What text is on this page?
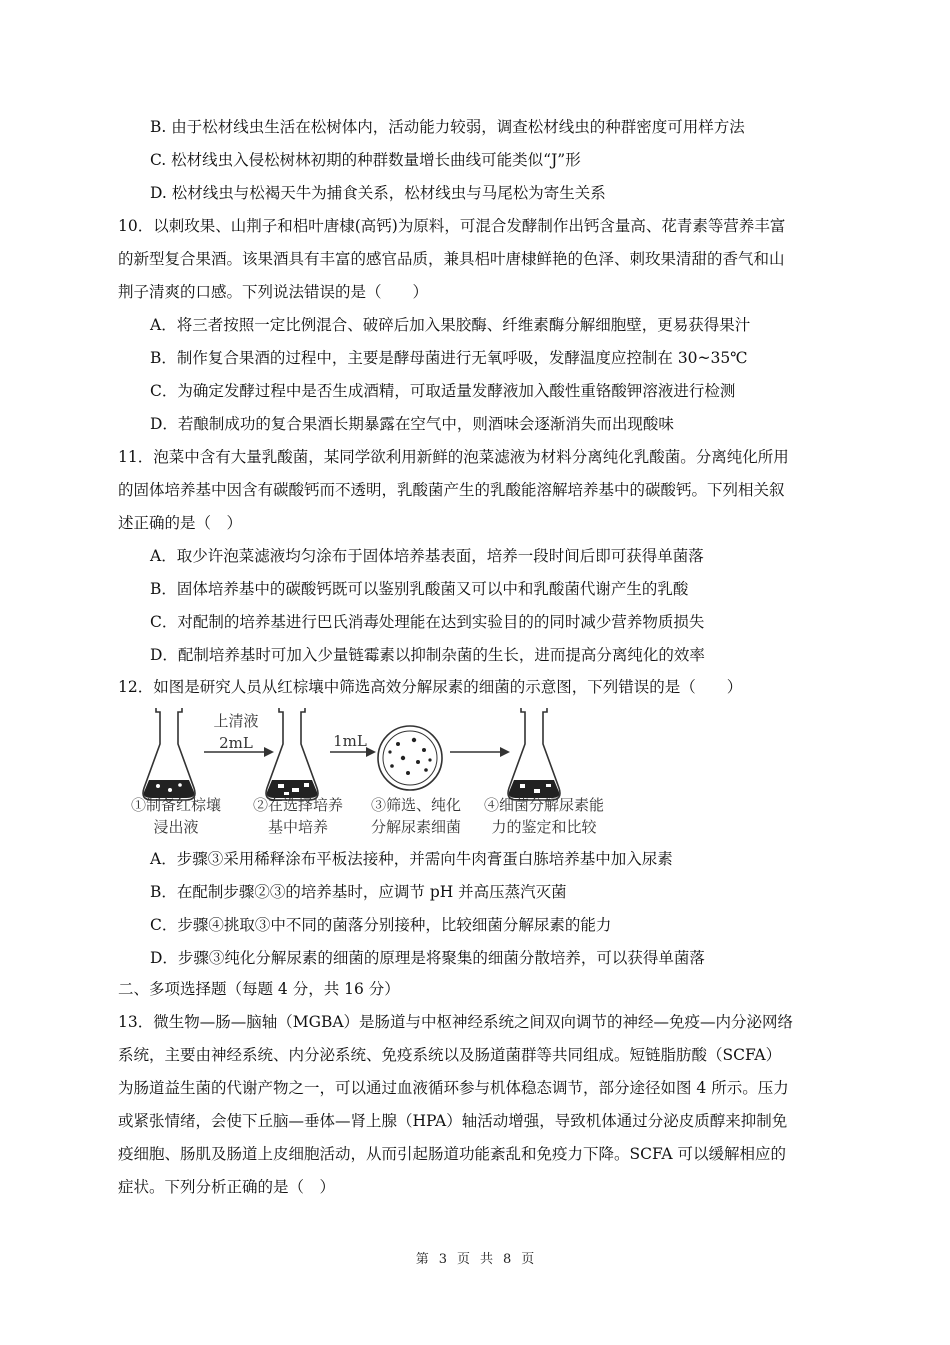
B. 由于松材线虫生活在松树体内，活动能力较弱，调查松材线虫的种群密度可用样方法
C. 松材线虫入侵松树林初期的种群数量增长曲线可能类似“J”形
D. 松材线虫与松褐天牛为捕食关系，松材线虫与马尾松为寄生关系
10．以刺玫果、山荆子和梠叶唐棣(高钙)为原料，可混合发酵制作出钙含量高、花青素等营养丰富
的新型复合果酒。该果酒具有丰富的感官品质，兼具梠叶唐棣鲜艳的色泽、刺玫果清甜的香气和山
荆子清爽的口感。下列说法错误的是（　　）
A．将三者按照一定比例混合、破碎后加入果胶酶、纤维素酶分解细胞壁，更易获得果汁
B．制作复合果酒的过程中，主要是酵母菌进行无氧呼吸，发酵温度应控制在 30~35℃
C．为确定发酵过程中是否生成酒精，可取适量发酵液加入酸性重铬酸钾溶液进行检测
D．若酿制成功的复合果酒长期暴露在空气中，则酒味会逐渐消失而出现酸味
11．泡菜中含有大量乳酸菌，某同学欲利用新鲜的泡菜滤液为材料分离纯化乳酸菌。分离纯化所用
的固体培养基中因含有碳酸钙而不透明，乳酸菌产生的乳酸能溶解培养基中的碳酸钙。下列相关叙
述正确的是（　）
A．取少许泡菜滤液均匀涂布于固体培养基表面，培养一段时间后即可获得单菌落
B．固体培养基中的碳酸钙既可以鉴别乳酸菌又可以中和乳酸菌代谢产生的乳酸
C．对配制的培养基进行巴氏消毒处理能在达到实验目的的同时减少营养物质损失
D．配制培养基时可加入少量链霉素以抑制杂菌的生长，进而提高分离纯化的效率
12．如图是研究人员从红棕壤中筛选高效分解尿素的细菌的示意图，下列错误的是（　　）
上清液
2mL	1mL
①制备红棕壤
浸出液
②在选择培养
基中培养
③筛选、纯化
分解尿素细菌
④细菌分解尿素能
力的鉴定和比较
A．步骤③采用稀释涂布平板法接种，并需向牛肉膏蛋白胨培养基中加入尿素
B．在配制步骤②③的培养基时，应调节 pH 并高压蒸汽灭菌
C．步骤④挑取③中不同的菌落分别接种，比较细菌分解尿素的能力
D．步骤③纯化分解尿素的细菌的原理是将聚集的细菌分散培养，可以获得单菌落
二、多项选择题（每题 4 分，共 16 分）
13．微生物—肠—脑轴（MGBA）是肠道与中枢神经系统之间双向调节的神经—免疫—内分泌网络
系统，主要由神经系统、内分泌系统、免疫系统以及肠道菌群等共同组成。短链脂肪酸（SCFA）
为肠道益生菌的代谢产物之一，可以通过血液循环参与机体稳态调节，部分途径如图 4 所示。压力
或紧张情绪，会使下丘脑—垂体—肾上腺（HPA）轴活动增强，导致机体通过分泌皮质醇来抑制免
疫细胞、肠肌及肠道上皮细胞活动，从而引起肠道功能紊乱和免疫力下降。SCFA 可以缓解相应的
症状。下列分析正确的是（　）
第 3 页 共 8 页
